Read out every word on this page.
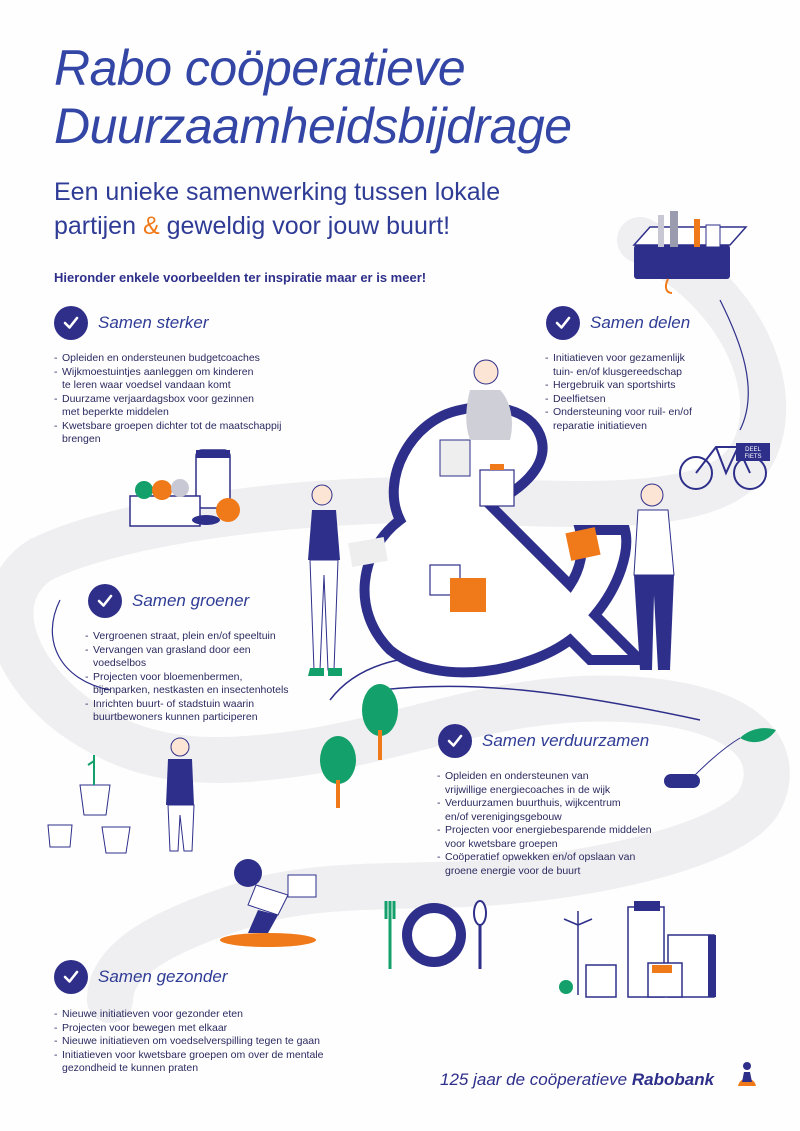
Rabo coöperatieve
Duurzaamheidsbijdrage

Een unieke samenwerking tussen lokale

partijen & geweldig voor jouw buurt!

Hieronder enkele voorbeelden ter inspiratie maar er is meer!

Samen sterker
- Opleiden en ondersteunen budgetcoaches
- Wijkmoestuintjes aanleggen om kinderen
te leren waar voedsel vandaan komt
- Duurzame verjaardagsbox voor gezinnen
met beperkte middelen
- Kwetsbare groepen dichter tot de maatschappij
brengen
Samen delen
- Initiatieven voor gezamenlijk
tuin- en/of klusgereedschap
- Hergebruik van sportshirts
- Deelfietsen
- Ondersteuning voor ruil- en/of
reparatie initiatieven
Samen groener
- Vergroenen straat, plein en/of speeltuin
- Vervangen van grasland door een
voedselbos
- Projecten voor bloemenbermen,
bijenparken, nestkasten en insectenhotels
- Inrichten buurt- of stadstuin waarin
buurtbewoners kunnen participeren
Samen verduurzamen
- Opleiden en ondersteunen van
vrijwillige energiecoaches in de wijk
- Verduurzamen buurthuis, wijkcentrum
en/of verenigingsgebouw
- Projecten voor energiebesparende middelen
voor kwetsbare groepen
- Coöperatief opwekken en/of opslaan van
groene energie voor de buurt
Samen gezonder
- Nieuwe initiatieven voor gezonder eten
- Projecten voor bewegen met elkaar
- Nieuwe initiatieven om voedselverspilling tegen te gaan
- Initiatieven voor kwetsbare groepen om over de mentale
gezondheid te kunnen praten
DEEL
FIETS
125 jaar de coöperatieve Rabobank
